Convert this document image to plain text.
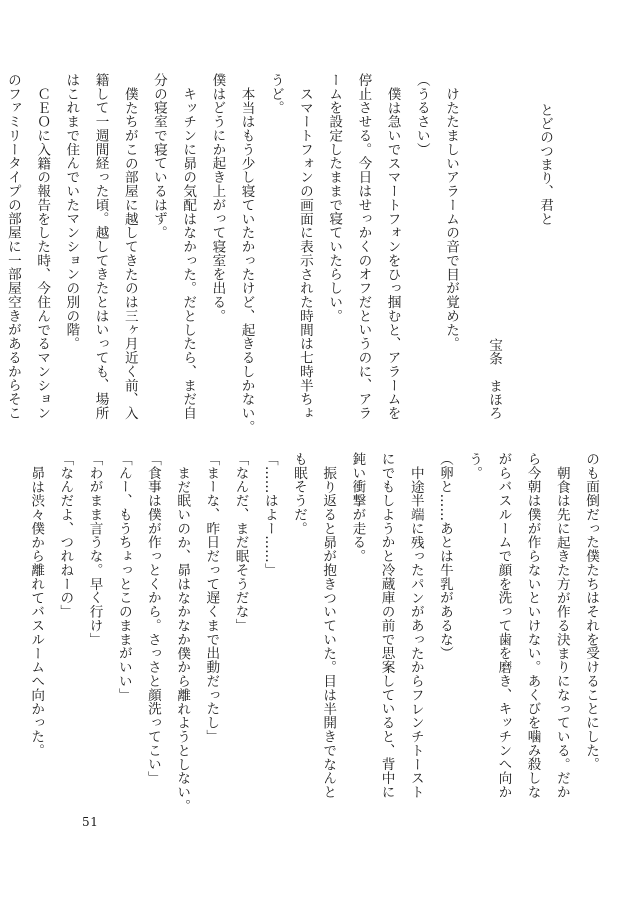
とどのつまり、君と
宝条　まほろ
けたたましいアラームの音で目が覚めた。
（うるさい）
僕は急いでスマートフォンをひっ掴むと、アラームを
停止させる。今日はせっかくのオフだというのに、アラ
ームを設定したままで寝ていたらしい。
スマートフォンの画面に表示された時間は七時半ちょ
うど。
本当はもう少し寝ていたかったけど、起きるしかない。
僕はどうにか起き上がって寝室を出る。
キッチンに昴の気配はなかった。だとしたら、まだ自
分の寝室で寝ているはず。
僕たちがこの部屋に越してきたのは三ヶ月近く前、入
籍して一週間経った頃。越してきたとはいっても、場所
はこれまで住んでいたマンションの別の階。
ＣＥＯに入籍の報告をした時、今住んでるマンション
のファミリータイプの部屋に一部屋空きがあるからそこ
のも面倒だった僕たちはそれを受けることにした。
朝食は先に起きた方が作る決まりになっている。だか
ら今朝は僕が作らないといけない。あくびを噛み殺しな
がらバスルームで顔を洗って歯を磨き、キッチンへ向か
う。
（卵と……あとは牛乳があるな）
中途半端に残ったパンがあったからフレンチトースト
にでもしようかと冷蔵庫の前で思案していると、背中に
鈍い衝撃が走る。
振り返ると昴が抱きついていた。目は半開きでなんと
も眠そうだ。
「……はよー……」
「なんだ、まだ眠そうだな」
「まーな、昨日だって遅くまで出動だったし」
まだ眠いのか、昴はなかなか僕から離れようとしない。
「食事は僕が作っとくから。さっさと顔洗ってこい」
「んー、もうちょっとこのままがいい」
「わがまま言うな。早く行け」
「なんだよ、つれねーの」
昴は渋々僕から離れてバスルームへ向かった。
51
